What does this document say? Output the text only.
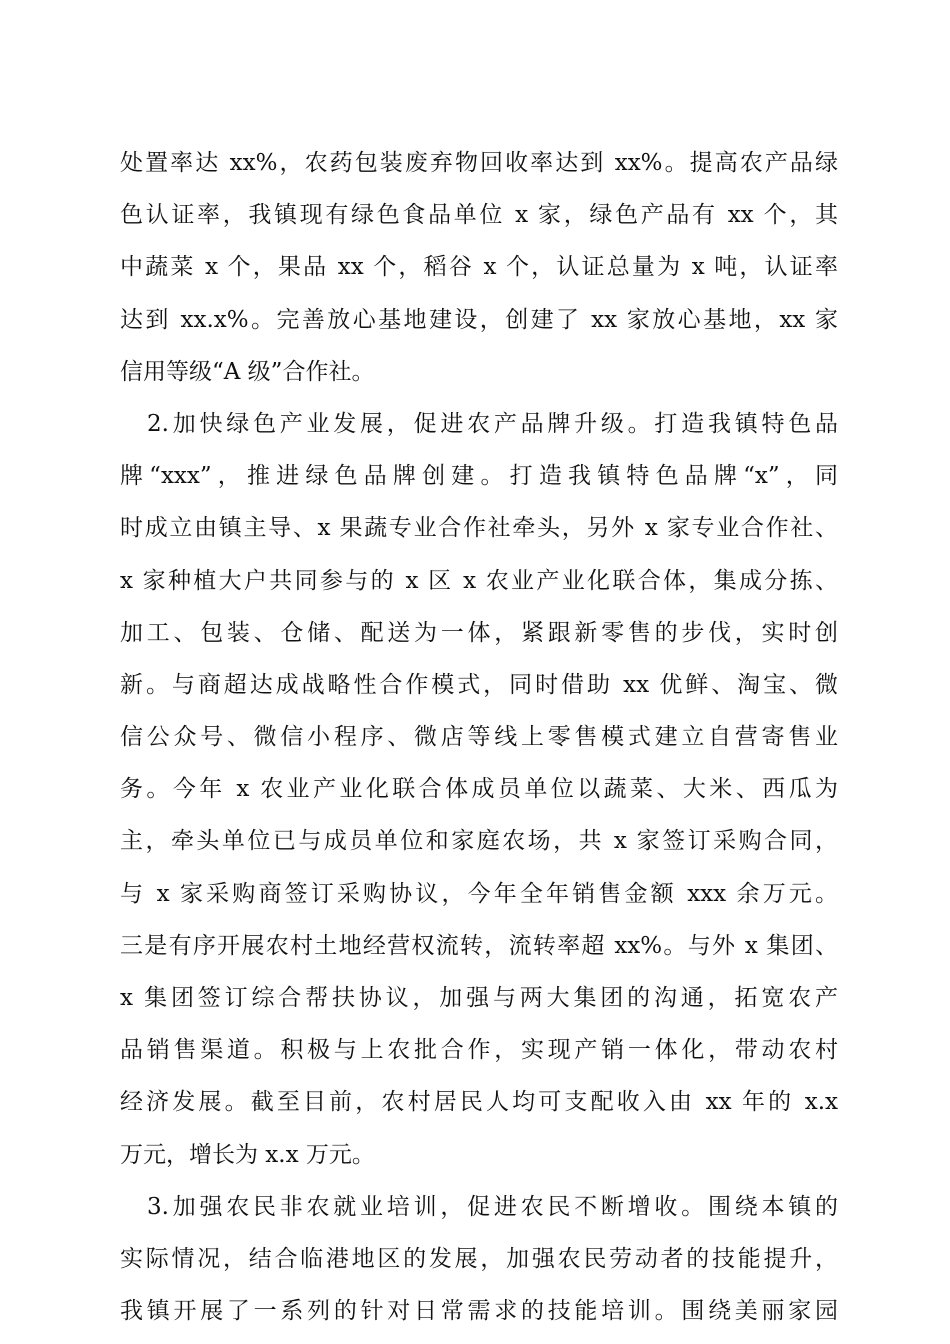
处置率达 xx%，农药包装废弃物回收率达到 xx%。提高农产品绿
色认证率，我镇现有绿色食品单位 x 家，绿色产品有 xx 个，其
中蔬菜 x 个，果品 xx 个，稻谷 x 个，认证总量为 x 吨，认证率
达到 xx.x%。完善放心基地建设，创建了 xx 家放心基地，xx 家
信用等级“A 级”合作社。
2.加快绿色产业发展，促进农产品牌升级。打造我镇特色品
牌“xxx”，推进绿色品牌创建。打造我镇特色品牌“x”，同
时成立由镇主导、x 果蔬专业合作社牵头，另外 x 家专业合作社、
x 家种植大户共同参与的 x 区 x 农业产业化联合体，集成分拣、
加工、包装、仓储、配送为一体，紧跟新零售的步伐，实时创
新。与商超达成战略性合作模式，同时借助 xx 优鲜、淘宝、微
信公众号、微信小程序、微店等线上零售模式建立自营寄售业
务。今年 x 农业产业化联合体成员单位以蔬菜、大米、西瓜为
主，牵头单位已与成员单位和家庭农场，共 x 家签订采购合同，
与 x 家采购商签订采购协议，今年全年销售金额 xxx 余万元。
三是有序开展农村土地经营权流转，流转率超 xx%。与外 x 集团、
x 集团签订综合帮扶协议，加强与两大集团的沟通，拓宽农产
品销售渠道。积极与上农批合作，实现产销一体化，带动农村
经济发展。截至目前，农村居民人均可支配收入由 xx 年的 x.x
万元，增长为 x.x 万元。
3.加强农民非农就业培训，促进农民不断增收。围绕本镇的
实际情况，结合临港地区的发展，加强农民劳动者的技能提升，
我镇开展了一系列的针对日常需求的技能培训。围绕美丽家园
